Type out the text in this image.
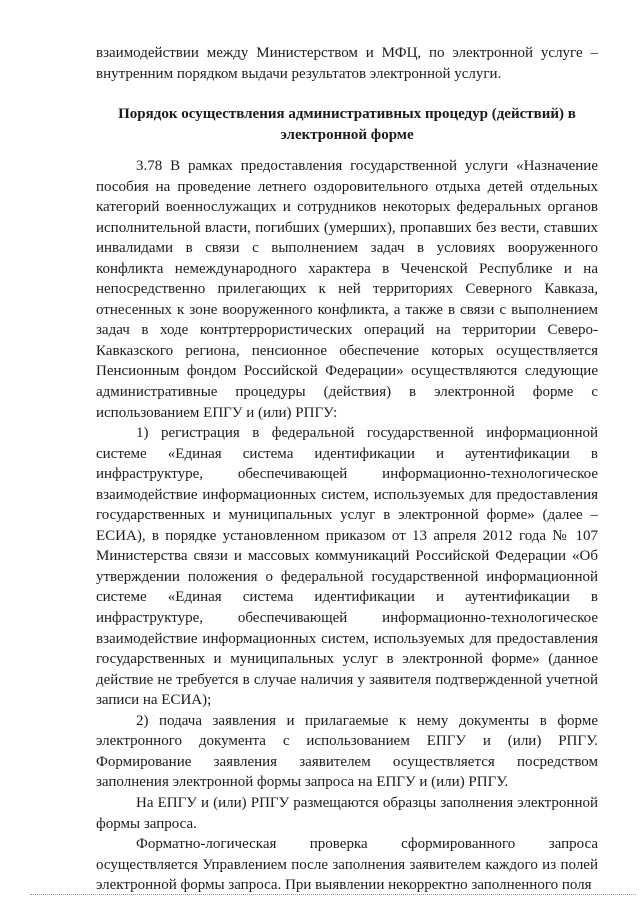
взаимодействии между Министерством и МФЦ, по электронной услуге – внутренним порядком выдачи результатов электронной услуги.

Порядок осуществления административных процедур (действий) в электронной форме

3.78 В рамках предоставления государственной услуги «Назначение пособия на проведение летнего оздоровительного отдыха детей отдельных категорий военнослужащих и сотрудников некоторых федеральных органов исполнительной власти, погибших (умерших), пропавших без вести, ставших инвалидами в связи с выполнением задач в условиях вооруженного конфликта немеждународного характера в Чеченской Республике и на непосредственно прилегающих к ней территориях Северного Кавказа, отнесенных к зоне вооруженного конфликта, а также в связи с выполнением задач в ходе контртеррористических операций на территории Северо-Кавказского региона, пенсионное обеспечение которых осуществляется Пенсионным фондом Российской Федерации» осуществляются следующие административные процедуры (действия) в электронной форме с использованием ЕПГУ и (или) РПГУ:

1) регистрация в федеральной государственной информационной системе «Единая система идентификации и аутентификации в инфраструктуре, обеспечивающей информационно-технологическое взаимодействие информационных систем, используемых для предоставления государственных и муниципальных услуг в электронной форме» (далее – ЕСИА), в порядке установленном приказом от 13 апреля 2012 года № 107 Министерства связи и массовых коммуникаций Российской Федерации «Об утверждении положения о федеральной государственной информационной системе «Единая система идентификации и аутентификации в инфраструктуре, обеспечивающей информационно-технологическое взаимодействие информационных систем, используемых для предоставления государственных и муниципальных услуг в электронной форме» (данное действие не требуется в случае наличия у заявителя подтвержденной учетной записи на ЕСИА);

2) подача заявления и прилагаемые к нему документы в форме электронного документа с использованием ЕПГУ и (или) РПГУ. Формирование заявления заявителем осуществляется посредством заполнения электронной формы запроса на ЕПГУ и (или) РПГУ.

На ЕПГУ и (или) РПГУ размещаются образцы заполнения электронной формы запроса.

Форматно-логическая проверка сформированного запроса осуществляется Управлением после заполнения заявителем каждого из полей электронной формы запроса. При выявлении некорректно заполненного поля
